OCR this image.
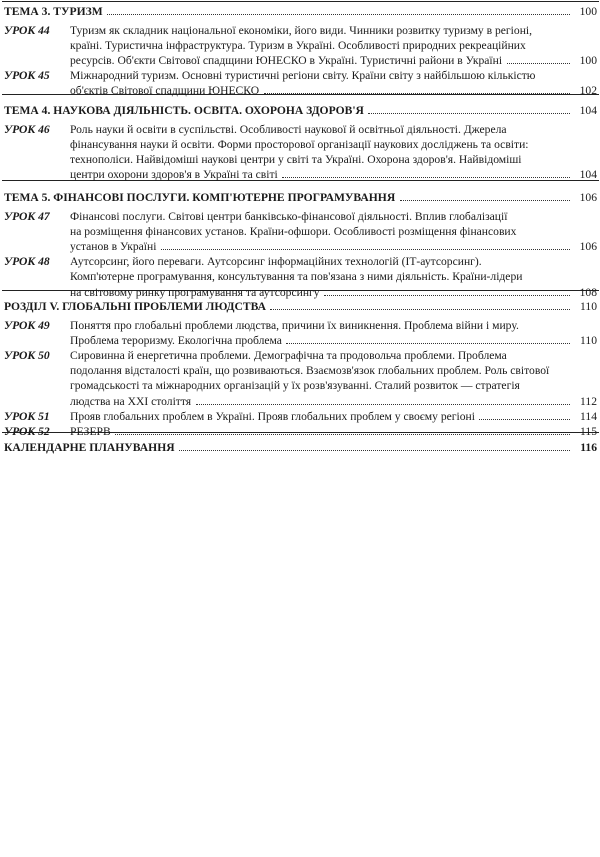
ТЕМА 3. ТУРИЗМ	100
УРОК 44 Туризм як складник національної економіки, його види. Чинники розвитку туризму в регіоні,
країні. Туристична інфраструктура. Туризм в Україні. Особливості природних рекреаційних
ресурсів. Об'єкти Світової спадщини ЮНЕСКО в Україні. Туристичні райони в Україні	100
УРОК 45 Міжнародний туризм. Основні туристичні регіони світу. Країни світу з найбільшою кількістю
об'єктів Світової спадщини ЮНЕСКО	102
ТЕМА 4. НАУКОВА ДІЯЛЬНІСТЬ. ОСВІТА. ОХОРОНА ЗДОРОВ'Я	104
УРОК 46 Роль науки й освіти в суспільстві. Особливості наукової й освітньої діяльності. Джерела
фінансування науки й освіти. Форми просторової організації наукових досліджень та освіти:
технополіси. Найвідоміші наукові центри у світі та Україні. Охорона здоров'я. Найвідоміші
центри охорони здоров'я в Україні та світі	104
ТЕМА 5. ФІНАНСОВІ ПОСЛУГИ. КОМП'ЮТЕРНЕ ПРОГРАМУВАННЯ	106
УРОК 47 Фінансові послуги. Світові центри банківсько-фінансової діяльності. Вплив глобалізації
на розміщення фінансових установ. Країни-офшори. Особливості розміщення фінансових
установ в Україні	106
УРОК 48 Аутсорсинг, його переваги. Аутсорсинг інформаційних технологій (ІТ-аутсорсинг).
Комп'ютерне програмування, консультування та пов'язана з ними діяльність. Країни-лідери
на світовому ринку програмування та аутсорсингу	108
РОЗДІЛ V. ГЛОБАЛЬНІ ПРОБЛЕМИ ЛЮДСТВА	110
УРОК 49 Поняття про глобальні проблеми людства, причини їх виникнення. Проблема війни і миру.
Проблема тероризму. Екологічна проблема	110
УРОК 50 Сировинна й енергетична проблеми. Демографічна та продовольча проблеми. Проблема
подолання відсталості країн, що розвиваються. Взаємозв'язок глобальних проблем. Роль світової
громадськості та міжнародних організацій у їх розв'язуванні. Сталий розвиток — стратегія
людства на XXI століття	112
УРОК 51 Прояв глобальних проблем в Україні. Прояв глобальних проблем у своєму регіоні	114
УРОК 52 РЕЗЕРВ	115
КАЛЕНДАРНЕ ПЛАНУВАННЯ	116
